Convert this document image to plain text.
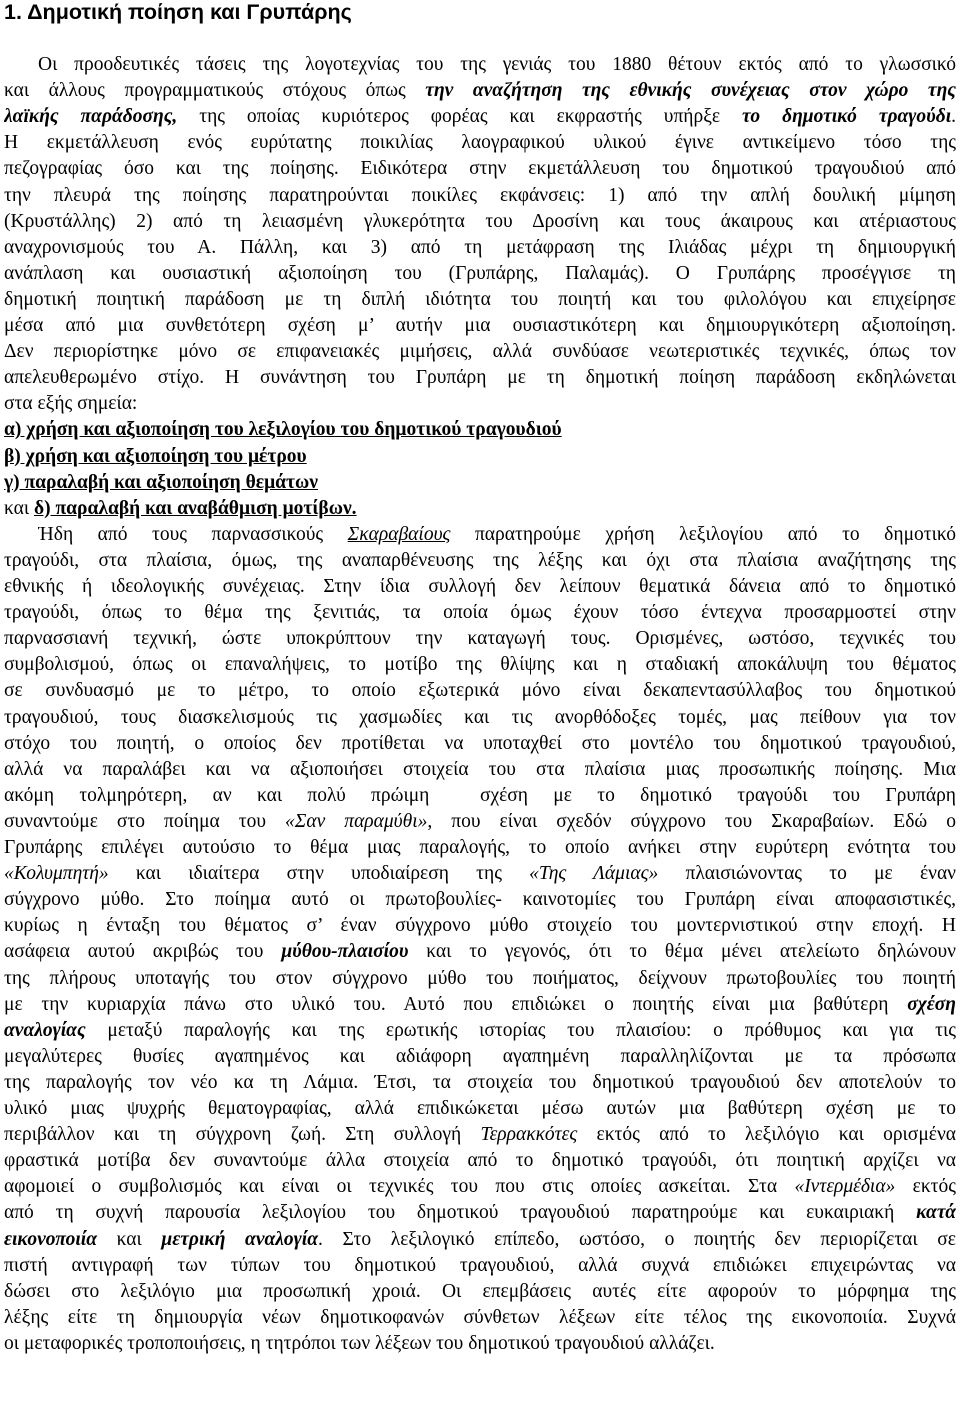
1. Δημοτική ποίηση και Γρυπάρης
Οι προοδευτικές τάσεις της λογοτεχνίας του της γενιάς του 1880 θέτουν εκτός από το γλωσσικό
και άλλους προγραμματικούς στόχους όπως την αναζήτηση της εθνικής συνέχειας στον χώρο της
λαϊκής παράδοσης, της οποίας κυριότερος φορέας και εκφραστής υπήρξε το δημοτικό τραγούδι.
Η εκμετάλλευση ενός ευρύτατης ποικιλίας λαογραφικού υλικού έγινε αντικείμενο τόσο της
πεζογραφίας όσο και της ποίησης. Ειδικότερα στην εκμετάλλευση του δημοτικού τραγουδιού από
την πλευρά της ποίησης παρατηρούνται ποικίλες εκφάνσεις: 1) από την απλή δουλική μίμηση
(Κρυστάλλης) 2) από τη λειασμένη γλυκερότητα του Δροσίνη και τους άκαιρους και ατέριαστους
αναχρονισμούς του Α. Πάλλη, και 3) από τη μετάφραση της Ιλιάδας μέχρι τη δημιουργική
ανάπλαση και ουσιαστική αξιοποίηση του (Γρυπάρης, Παλαμάς). Ο Γρυπάρης προσέγγισε τη
δημοτική ποιητική παράδοση με τη διπλή ιδιότητα του ποιητή και του φιλολόγου και επιχείρησε
μέσα από μια συνθετότερη σχέση μ’ αυτήν μια ουσιαστικότερη και δημιουργικότερη αξιοποίηση.
Δεν περιορίστηκε μόνο σε επιφανειακές μιμήσεις, αλλά συνδύασε νεωτεριστικές τεχνικές, όπως τον
απελευθερωμένο στίχο. Η συνάντηση του Γρυπάρη με τη δημοτική ποίηση παράδοση εκδηλώνεται
στα εξής σημεία:
α) χρήση και αξιοποίηση του λεξιλογίου του δημοτικού τραγουδιού
β) χρήση και αξιοποίηση του μέτρου
γ) παραλαβή και αξιοποίηση θεμάτων
και δ) παραλαβή και αναβάθμιση μοτίβων.
Ήδη από τους παρνασσικούς Σκαραβαίους παρατηρούμε χρήση λεξιλογίου από το δημοτικό
τραγούδι, στα πλαίσια, όμως, της αναπαρθένευσης της λέξης και όχι στα πλαίσια αναζήτησης της
εθνικής ή ιδεολογικής συνέχειας. Στην ίδια συλλογή δεν λείπουν θεματικά δάνεια από το δημοτικό
τραγούδι, όπως το θέμα της ξενιτιάς, τα οποία όμως έχουν τόσο έντεχνα προσαρμοστεί στην
παρνασσιανή τεχνική, ώστε υποκρύπτουν την καταγωγή τους. Ορισμένες, ωστόσο, τεχνικές του
συμβολισμού, όπως οι επαναλήψεις, το μοτίβο της θλίψης και η σταδιακή αποκάλυψη του θέματος
σε συνδυασμό με το μέτρο, το οποίο εξωτερικά μόνο είναι δεκαπεντασύλλαβος του δημοτικού
τραγουδιού, τους διασκελισμούς τις χασμωδίες και τις ανορθόδοξες τομές, μας πείθουν για τον
στόχο του ποιητή, ο οποίος δεν προτίθεται να υποταχθεί στο μοντέλο του δημοτικού τραγουδιού,
αλλά να παραλάβει και να αξιοποιήσει στοιχεία του στα πλαίσια μιας προσωπικής ποίησης. Μια
ακόμη τολμηρότερη, αν και πολύ πρώιμη  σχέση με το δημοτικό τραγούδι του Γρυπάρη
συναντούμε στο ποίημα του «Σαν παραμύθι», που είναι σχεδόν σύγχρονο του Σκαραβαίων. Εδώ ο
Γρυπάρης επιλέγει αυτούσιο το θέμα μιας παραλογής, το οποίο ανήκει στην ευρύτερη ενότητα του
«Κολυμπητή» και ιδιαίτερα στην υποδιαίρεση της «Της Λάμιας» πλαισιώνοντας το με έναν
σύγχρονο μύθο. Στο ποίημα αυτό οι πρωτοβουλίες- καινοτομίες του Γρυπάρη είναι αποφασιστικές,
κυρίως η ένταξη του θέματος σ’ έναν σύγχρονο μύθο στοιχείο του μοντερνιστικού στην εποχή. Η
ασάφεια αυτού ακριβώς του μύθου-πλαισίου και το γεγονός, ότι το θέμα μένει ατελείωτο δηλώνουν
της πλήρους υποταγής του στον σύγχρονο μύθο του ποιήματος, δείχνουν πρωτοβουλίες του ποιητή
με την κυριαρχία πάνω στο υλικό του. Αυτό που επιδιώκει ο ποιητής είναι μια βαθύτερη σχέση
αναλογίας μεταξύ παραλογής και της ερωτικής ιστορίας του πλαισίου: ο πρόθυμος και για τις
μεγαλύτερες θυσίες αγαπημένος και αδιάφορη αγαπημένη παραλληλίζονται με τα πρόσωπα
της παραλογής τον νέο κα τη Λάμια. Έτσι, τα στοιχεία του δημοτικού τραγουδιού δεν αποτελούν το
υλικό μιας ψυχρής θεματογραφίας, αλλά επιδικώκεται μέσω αυτών μια βαθύτερη σχέση με το
περιβάλλον και τη σύγχρονη ζωή. Στη συλλογή Τερρακκότες εκτός από το λεξιλόγιο και ορισμένα
φραστικά μοτίβα δεν συναντούμε άλλα στοιχεία από το δημοτικό τραγούδι, ότι ποιητική αρχίζει να
αφομοιεί ο συμβολισμός και είναι οι τεχνικές του που στις οποίες ασκείται. Στα «Ιντερμέδια» εκτός
από τη συχνή παρουσία λεξιλογίου του δημοτικού τραγουδιού παρατηρούμε και ευκαιριακή κατά
εικονοποιία και μετρική αναλογία. Στο λεξιλογικό επίπεδο, ωστόσο, ο ποιητής δεν περιορίζεται σε
πιστή αντιγραφή των τύπων του δημοτικού τραγουδιού, αλλά συχνά επιδιώκει επιχειρώντας να
δώσει στο λεξιλόγιο μια προσωπική χροιά. Οι επεμβάσεις αυτές είτε αφορούν το μόρφημα της
λέξης είτε τη δημιουργία νέων δημοτικοφανών σύνθετων λέξεων είτε τέλος της εικονοποιία. Συχνά
οι μεταφορικές τροποποιήσεις, η τητρόποι των λέξεων του δημοτικού τραγουδιού αλλάζει.
